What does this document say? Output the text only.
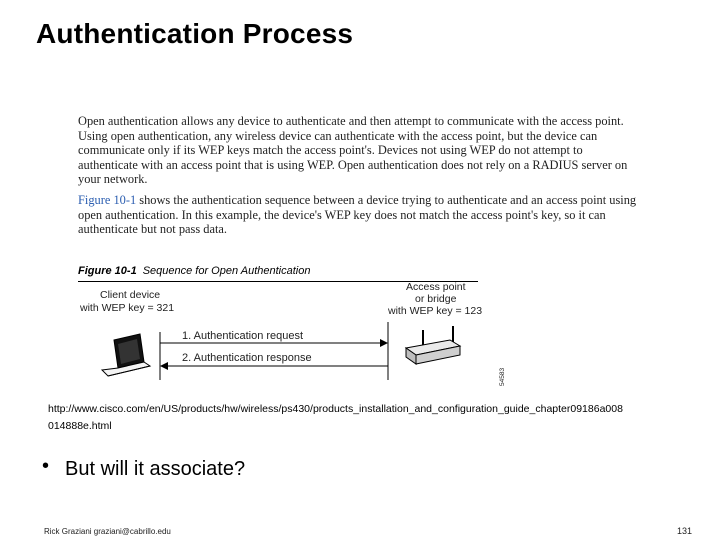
Authentication Process

Open authentication allows any device to authenticate and then attempt to communicate with the access point. Using open authentication, any wireless device can authenticate with the access point, but the device can communicate only if its WEP keys match the access point's. Devices not using WEP do not attempt to authenticate with an access point that is using WEP. Open authentication does not rely on a RADIUS server on your network.

Figure 10-1 shows the authentication sequence between a device trying to authenticate and an access point using open authentication. In this example, the device's WEP key does not match the access point's key, so it can authenticate but not pass data.

Figure 10-1 Sequence for Open Authentication
Client device
with WEP key = 321
Access point
or bridge
with WEP key = 123
1. Authentication request
2. Authentication response
54583
http://www.cisco.com/en/US/products/hw/wireless/ps430/products_installation_and_configuration_guide_chapter09186a008014888e.html
• But will it associate?
Rick Graziani graziani@cabrillo.edu	131
